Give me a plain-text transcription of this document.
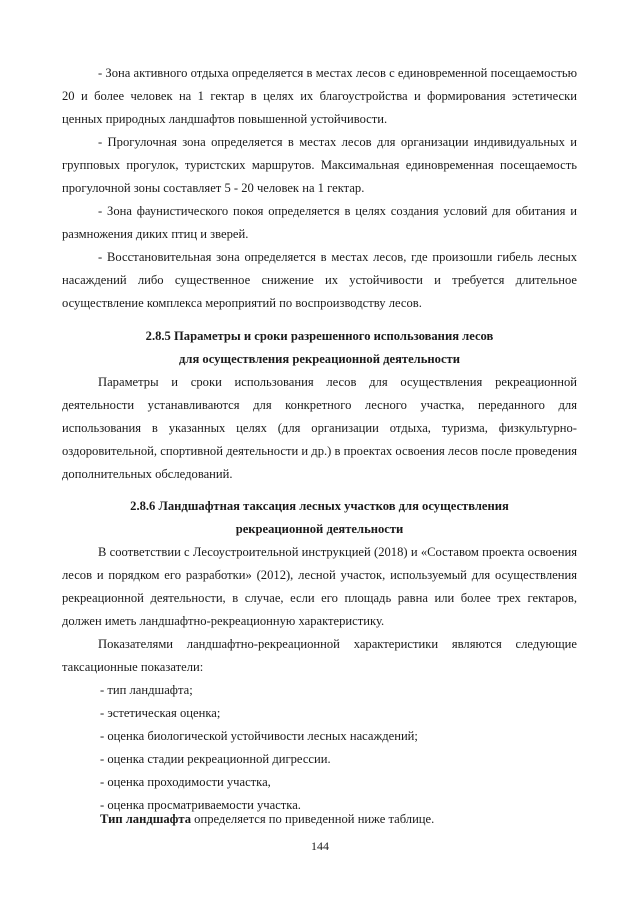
- Зона активного отдыха определяется в местах лесов с единовременной посещаемостью 20 и более человек на 1 гектар в целях их благоустройства и формирования эстетически ценных природных ландшафтов повышенной устойчивости.
- Прогулочная зона определяется в местах лесов для организации индивидуальных и групповых прогулок, туристских маршрутов. Максимальная единовременная посещаемость прогулочной зоны составляет 5 - 20 человек на 1 гектар.
- Зона фаунистического покоя определяется в целях создания условий для обитания и размножения диких птиц и зверей.
- Восстановительная зона определяется в местах лесов, где произошли гибель лесных насаждений либо существенное снижение их устойчивости и требуется длительное осуществление комплекса мероприятий по воспроизводству лесов.
2.8.5 Параметры и сроки разрешенного использования лесов
для осуществления рекреационной деятельности
Параметры и сроки использования лесов для осуществления рекреационной деятельности устанавливаются для конкретного лесного участка, переданного для использования в указанных целях (для организации отдыха, туризма, физкультурно-оздоровительной, спортивной деятельности и др.) в проектах освоения лесов после проведения дополнительных обследований.
2.8.6 Ландшафтная таксация лесных участков для осуществления
рекреационной деятельности
В соответствии с Лесоустроительной инструкцией (2018) и «Составом проекта освоения лесов и порядком его разработки» (2012), лесной участок, используемый для осуществления рекреационной деятельности, в случае, если его площадь равна или более трех гектаров, должен иметь ландшафтно-рекреационную характеристику.
Показателями ландшафтно-рекреационной характеристики являются следующие таксационные показатели:
- тип ландшафта;
- эстетическая оценка;
- оценка биологической устойчивости лесных насаждений;
- оценка стадии рекреационной дигрессии.
- оценка проходимости участка,
- оценка просматриваемости участка.
Тип ландшафта определяется по приведенной ниже таблице.
144
